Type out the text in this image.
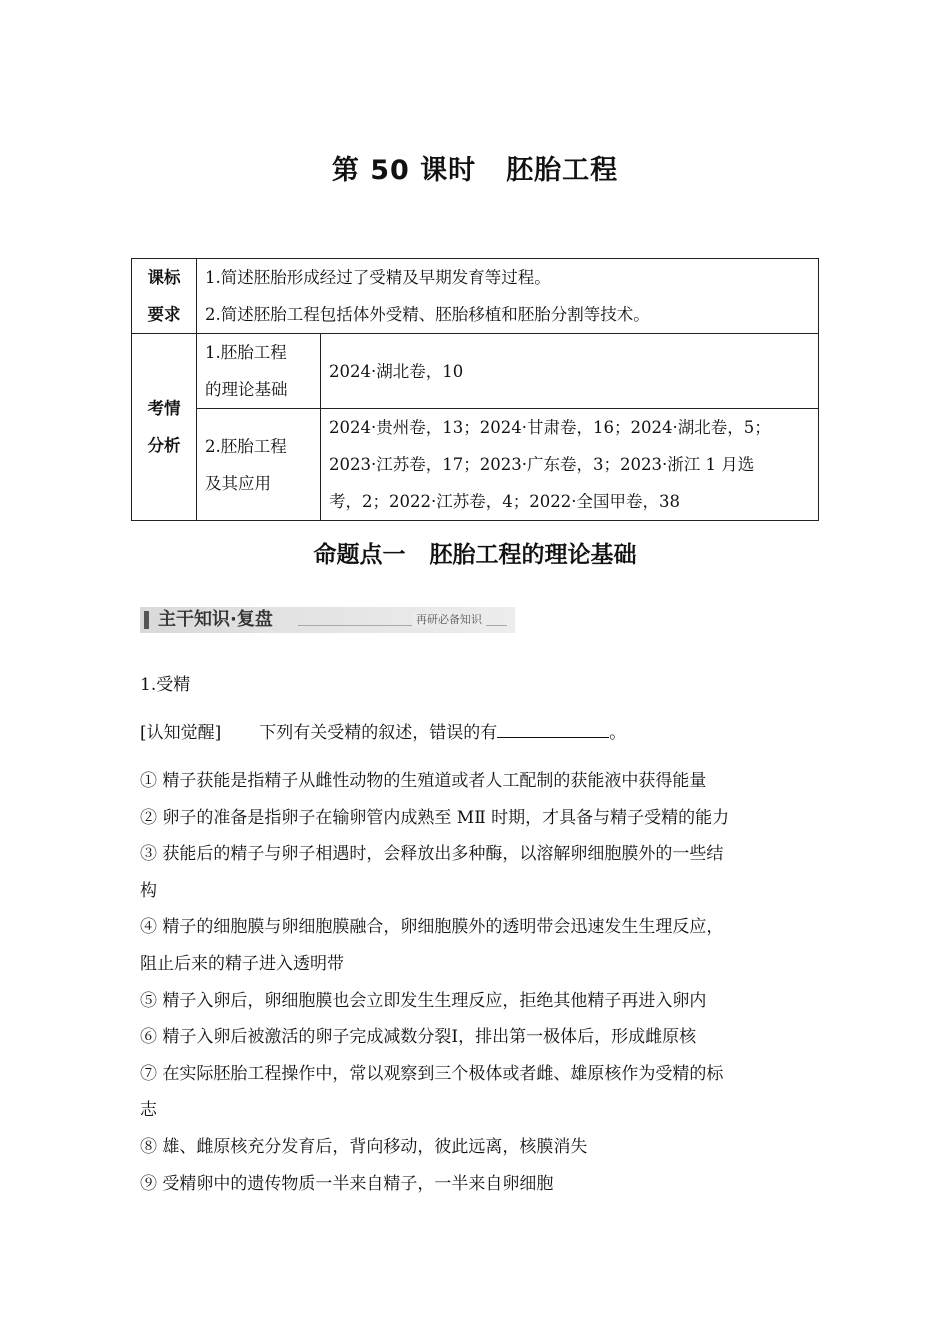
第 50 课时 胚胎工程
课标
要求	1.简述胚胎形成经过了受精及早期发育等过程。
2.简述胚胎工程包括体外受精、胚胎移植和胚胎分割等技术。	

考情
分析	1.胚胎工程
的理论基础	2024·湖北卷，10

	2.胚胎工程
及其应用	2024·贵州卷，13；2024·甘肃卷，16；2024·湖北卷，5；
2023·江苏卷，17；2023·广东卷，3；2023·浙江 1 月选
考，2；2022·江苏卷，4；2022·全国甲卷，38
命题点一 胚胎工程的理论基础
主干知识·复盘	再研必备知识
1.受精
[认知觉醒] 下列有关受精的叙述，错误的有	。
① 精子获能是指精子从雌性动物的生殖道或者人工配制的获能液中获得能量
② 卵子的准备是指卵子在输卵管内成熟至 MⅡ 时期，才具备与精子受精的能力
③ 获能后的精子与卵子相遇时，会释放出多种酶，以溶解卵细胞膜外的一些结
构
④ 精子的细胞膜与卵细胞膜融合，卵细胞膜外的透明带会迅速发生生理反应，
阻止后来的精子进入透明带
⑤ 精子入卵后，卵细胞膜也会立即发生生理反应，拒绝其他精子再进入卵内
⑥ 精子入卵后被激活的卵子完成减数分裂Ⅰ，排出第一极体后，形成雌原核
⑦ 在实际胚胎工程操作中，常以观察到三个极体或者雌、雄原核作为受精的标
志
⑧ 雄、雌原核充分发育后，背向移动，彼此远离，核膜消失
⑨ 受精卵中的遗传物质一半来自精子，一半来自卵细胞
